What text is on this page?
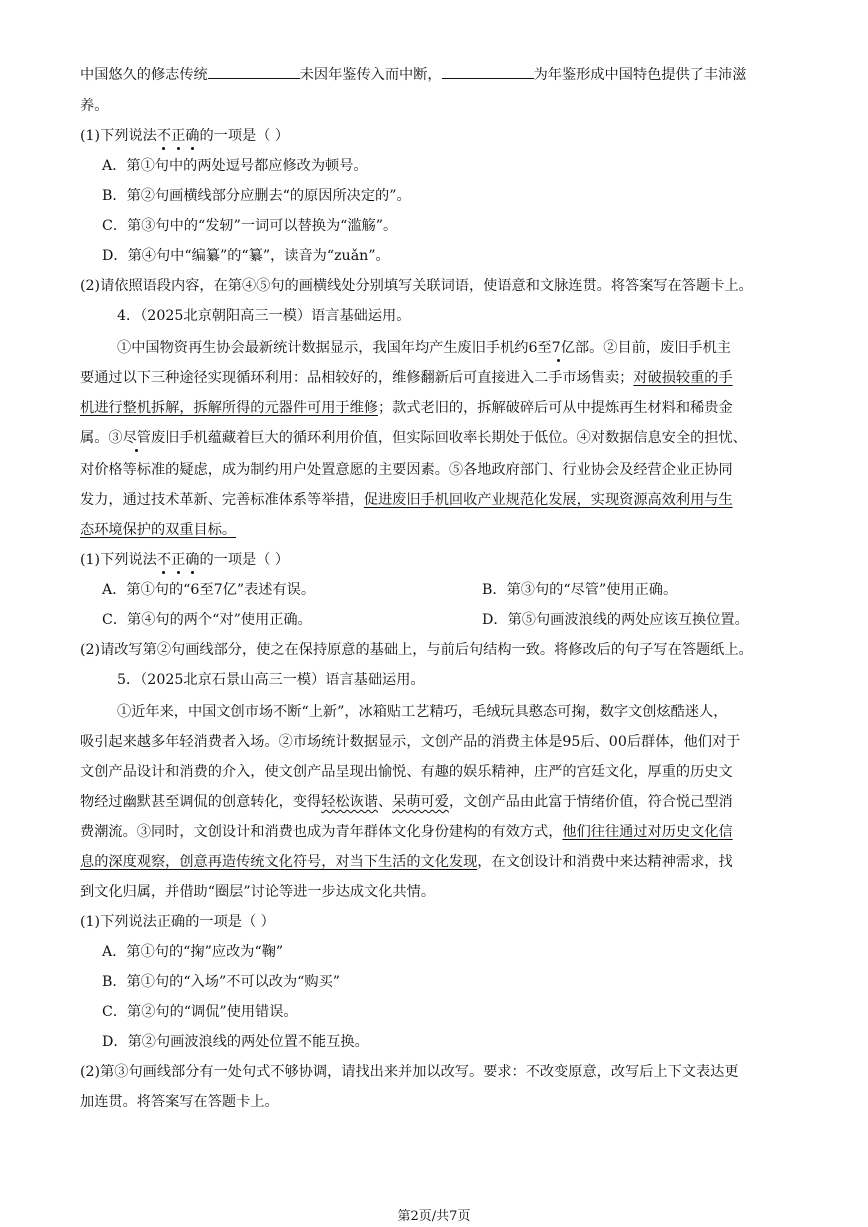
中国悠久的修志传统	未因年鉴传入而中断，	为年鉴形成中国特色提供了丰沛滋
养。
(1)下列说法不正确的一项是（ ）
A．第①句中的两处逗号都应修改为顿号。
B．第②句画横线部分应删去“的原因所决定的”。
C．第③句中的“发轫”一词可以替换为“滥觞”。
D．第④句中“编纂”的“纂”，读音为“zuǎn”。
(2)请依照语段内容，在第④⑤句的画横线处分别填写关联词语，使语意和文脉连贯。将答案写在答题卡上。
4．（2025北京朝阳高三一模）语言基础运用。
①中国物资再生协会最新统计数据显示，我国年均产生废旧手机约6至7亿部。②目前，废旧手机主
要通过以下三种途径实现循环利用：品相较好的，维修翻新后可直接进入二手市场售卖；对破损较重的手
机进行整机拆解，拆解所得的元器件可用于维修；款式老旧的，拆解破碎后可从中提炼再生材料和稀贵金
属。③尽管废旧手机蕴藏着巨大的循环利用价值，但实际回收率长期处于低位。④对数据信息安全的担忧、
对价格等标准的疑虑，成为制约用户处置意愿的主要因素。⑤各地政府部门、行业协会及经营企业正协同
发力，通过技术革新、完善标准体系等举措，促进废旧手机回收产业规范化发展，实现资源高效利用与生
态环境保护的双重目标。
(1)下列说法不正确的一项是（ ）
A．第①句的“6至7亿”表述有误。	B．第③句的“尽管”使用正确。
C．第④句的两个“对”使用正确。	D．第⑤句画波浪线的两处应该互换位置。
(2)请改写第②句画线部分，使之在保持原意的基础上，与前后句结构一致。将修改后的句子写在答题纸上。
5．（2025北京石景山高三一模）语言基础运用。
①近年来，中国文创市场不断“上新”，冰箱贴工艺精巧，毛绒玩具憨态可掬，数字文创炫酷迷人，
吸引起来越多年轻消费者入场。②市场统计数据显示，文创产品的消费主体是95后、00后群体，他们对于
文创产品设计和消费的介入，使文创产品呈现出愉悦、有趣的娱乐精神，庄严的宫廷文化，厚重的历史文
物经过幽默甚至调侃的创意转化，变得轻松诙谐、呆萌可爱，文创产品由此富于情绪价值，符合悦己型消
费潮流。③同时，文创设计和消费也成为青年群体文化身份建构的有效方式，他们往往通过对历史文化信
息的深度观察，创意再造传统文化符号，对当下生活的文化发现，在文创设计和消费中来达精神需求，找
到文化归属，并借助“圈层”讨论等进一步达成文化共情。
(1)下列说法正确的一项是（ ）
A．第①句的“掬”应改为“鞠”
B．第①句的“入场”不可以改为“购买”
C．第②句的“调侃”使用错误。
D．第②句画波浪线的两处位置不能互换。
(2)第③句画线部分有一处句式不够协调，请找出来并加以改写。要求：不改变原意，改写后上下文表达更
加连贯。将答案写在答题卡上。
第2页/共7页
